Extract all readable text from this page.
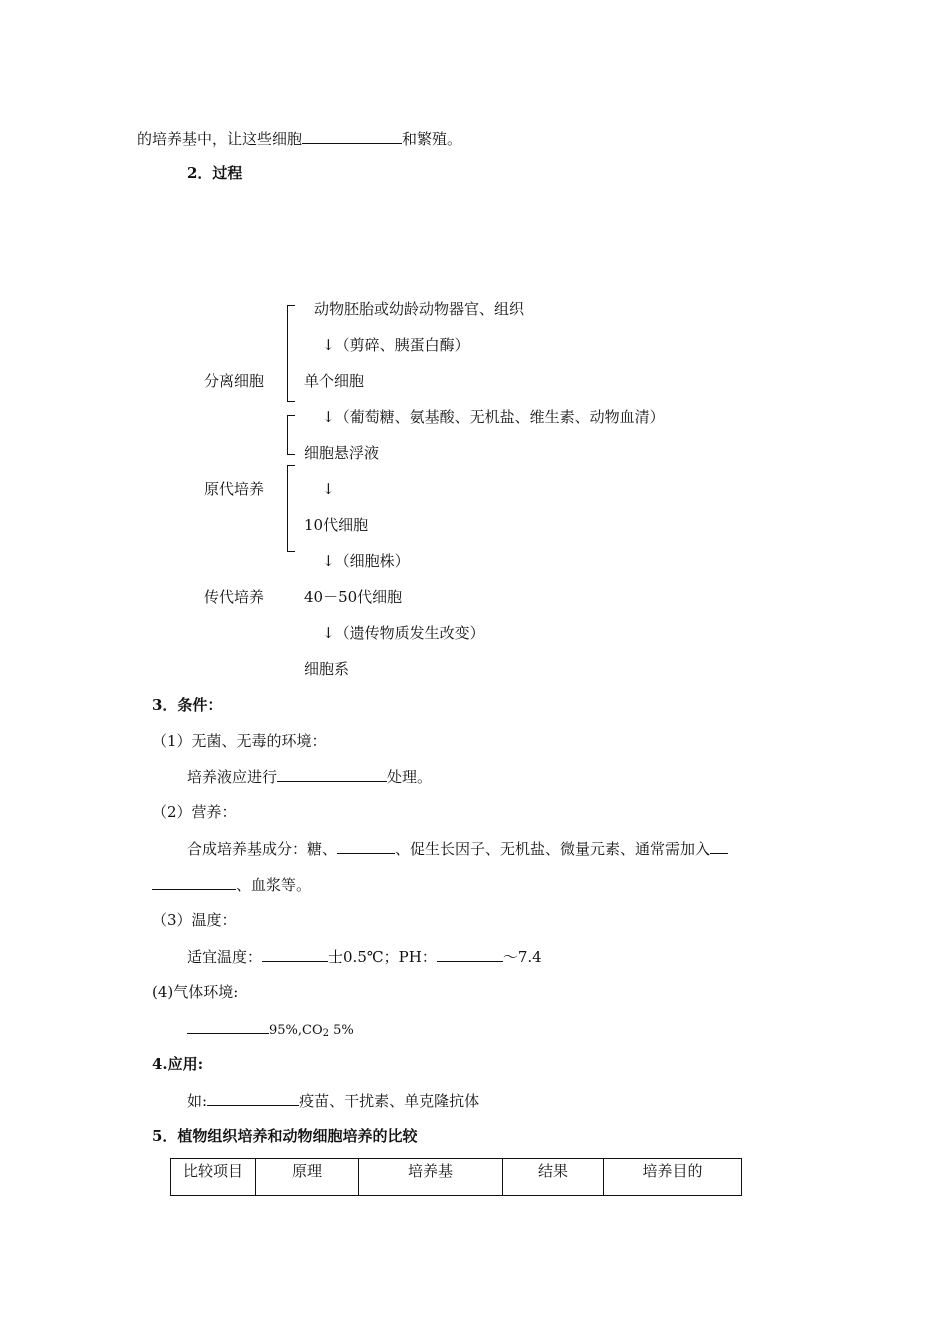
的培养基中，让这些细胞	和繁殖。
2．过程
分离细胞
原代培养
传代培养
动物胚胎或幼龄动物器官、组织
↓（剪碎、胰蛋白酶）
单个细胞
↓（葡萄糖、氨基酸、无机盐、维生素、动物血清）
细胞悬浮液
↓
10代细胞
↓（细胞株）
40－50代细胞
↓（遗传物质发生改变）
细胞系
3．条件：
（1）无菌、无毒的环境：
培养液应进行	处理。
（2）营养：
合成培养基成分：糖、	、促生长因子、无机盐、微量元素、通常需加入
、血浆等。
（3）温度：
适宜温度：	士0.5℃；PH：	～7.4
(4)气体环境:
$95\%,CO_2$ 5%
4.应用:
如:	疫苗、干扰素、单克隆抗体
5．植物组织培养和动物细胞培养的比较
比较项目	原理	培养基	结果	培养目的
